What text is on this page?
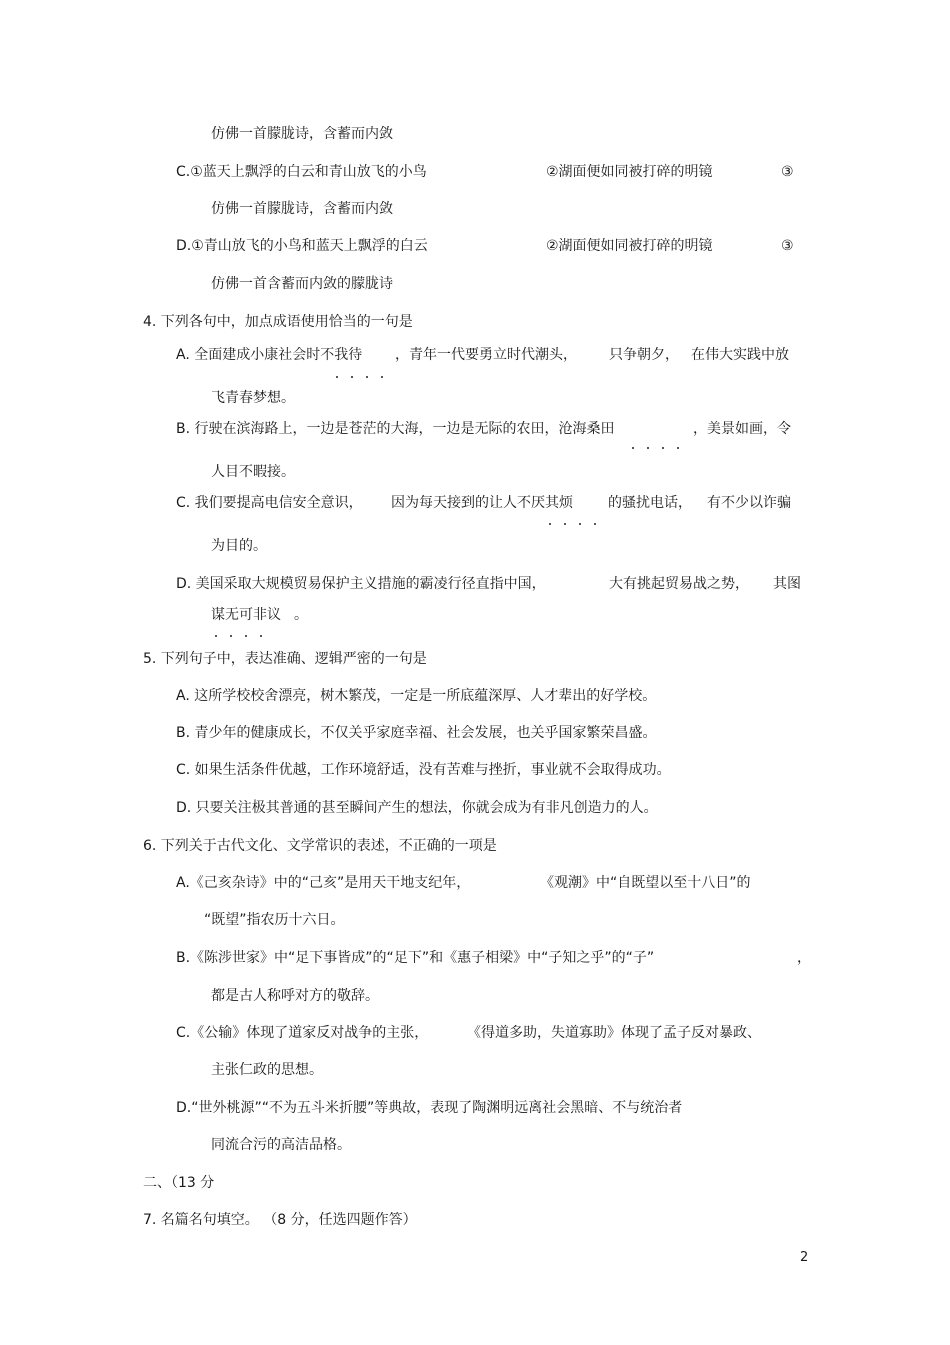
仿佛一首朦胧诗，含蓄而内敛
C.①蓝天上飘浮的白云和青山放飞的小鸟	②湖面便如同被打碎的明镜	③
仿佛一首朦胧诗，含蓄而内敛
D.①青山放飞的小鸟和蓝天上飘浮的白云	②湖面便如同被打碎的明镜	③
仿佛一首含蓄而内敛的朦胧诗
4. 下列各句中，加点成语使用恰当的一句是
A. 全面建成小康社会时不我待 ，青年一代要勇立时代潮头， 只争朝夕， 在伟大实践中放
飞青春梦想。
B. 行驶在滨海路上，一边是苍茫的大海，一边是无际的农田，沧海桑田	，美景如画，令
人目不暇接。
C. 我们要提高电信安全意识， 因为每天接到的让人不厌其烦	的骚扰电话， 有不少以诈骗
为目的。
D. 美国采取大规模贸易保护主义措施的霸凌行径直指中国，	大有挑起贸易战之势， 其图
谋无可非议 。
5. 下列句子中，表达准确、逻辑严密的一句是
A. 这所学校校舍漂亮，树木繁茂，一定是一所底蕴深厚、人才辈出的好学校。
B. 青少年的健康成长，不仅关乎家庭幸福、社会发展，也关乎国家繁荣昌盛。
C. 如果生活条件优越，工作环境舒适，没有苦难与挫折，事业就不会取得成功。
D. 只要关注极其普通的甚至瞬间产生的想法，你就会成为有非凡创造力的人。
6. 下列关于古代文化、文学常识的表述，不正确的一项是
A.《己亥杂诗》中的“己亥”是用天干地支纪年，	《观潮》中“自既望以至十八日”的
“既望”指农历十六日。
B.《陈涉世家》中“足下事皆成”的“足下”和《惠子相梁》中“子知之乎”的“子”	，
都是古人称呼对方的敬辞。
C.《公输》体现了道家反对战争的主张，	《得道多助，失道寡助》体现了孟子反对暴政、
主张仁政的思想。
D.“世外桃源”“不为五斗米折腰”等典故，表现了陶渊明远离社会黑暗、不与统治者
同流合污的高洁品格。
二、（13 分
7. 名篇名句填空。 （8 分，任选四题作答）
2
